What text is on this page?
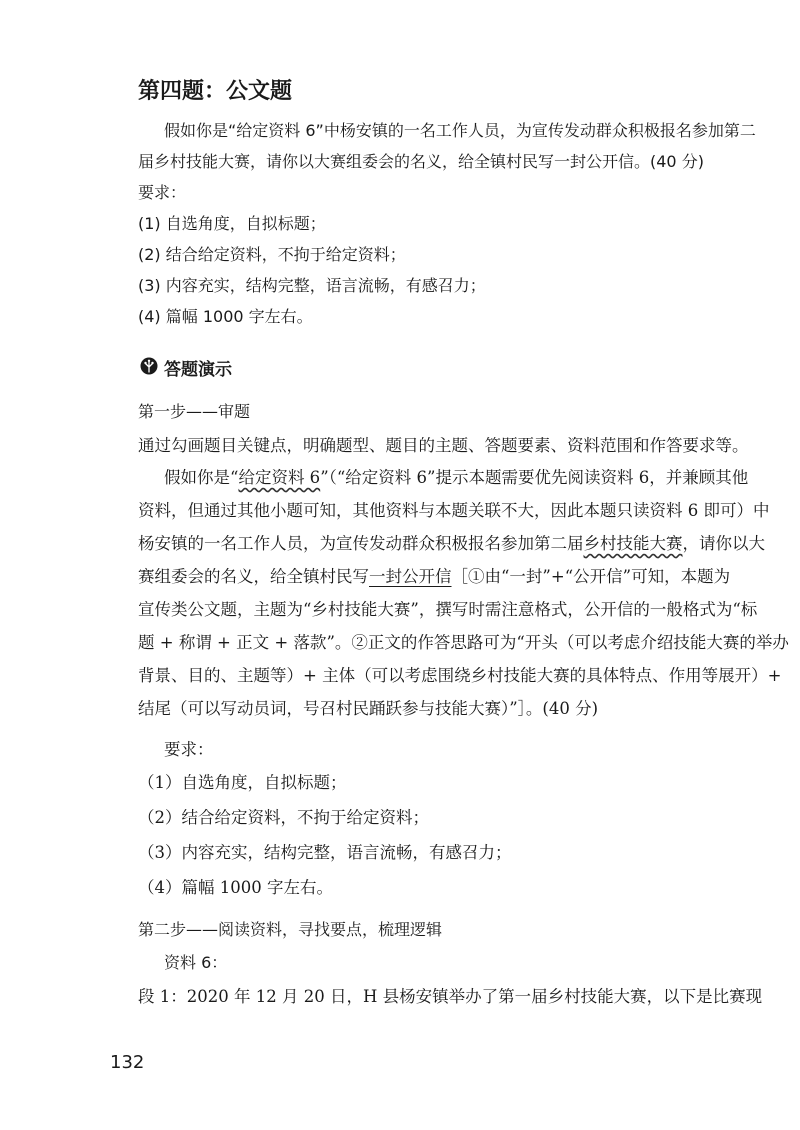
第四题：公文题
假如你是“给定资料 6”中杨安镇的一名工作人员，为宣传发动群众积极报名参加第二
届乡村技能大赛，请你以大赛组委会的名义，给全镇村民写一封公开信。(40 分)
要求：
(1) 自选角度，自拟标题；
(2) 结合给定资料，不拘于给定资料；
(3) 内容充实，结构完整，语言流畅，有感召力；
(4) 篇幅 1000 字左右。
答题演示
第一步——审题
通过勾画题目关键点，明确题型、题目的主题、答题要素、资料范围和作答要求等。
假如你是“给定资料 6”（“给定资料 6”提示本题需要优先阅读资料 6，并兼顾其他
资料，但通过其他小题可知，其他资料与本题关联不大，因此本题只读资料 6 即可）中
杨安镇的一名工作人员，为宣传发动群众积极报名参加第二届乡村技能大赛，请你以大
赛组委会的名义，给全镇村民写一封公开信［①由“一封”+“公开信”可知，本题为
宣传类公文题，主题为“乡村技能大赛”，撰写时需注意格式，公开信的一般格式为“标
题 + 称谓 + 正文 + 落款”。②正文的作答思路可为“开头（可以考虑介绍技能大赛的举办
背景、目的、主题等）+ 主体（可以考虑围绕乡村技能大赛的具体特点、作用等展开）+
结尾（可以写动员词，号召村民踊跃参与技能大赛）”］。(40 分)
要求：
（1）自选角度，自拟标题；
（2）结合给定资料，不拘于给定资料；
（3）内容充实，结构完整，语言流畅，有感召力；
（4）篇幅 1000 字左右。
第二步——阅读资料，寻找要点，梳理逻辑
资料 6：
段 1：2020 年 12 月 20 日，H 县杨安镇举办了第一届乡村技能大赛，以下是比赛现
132
